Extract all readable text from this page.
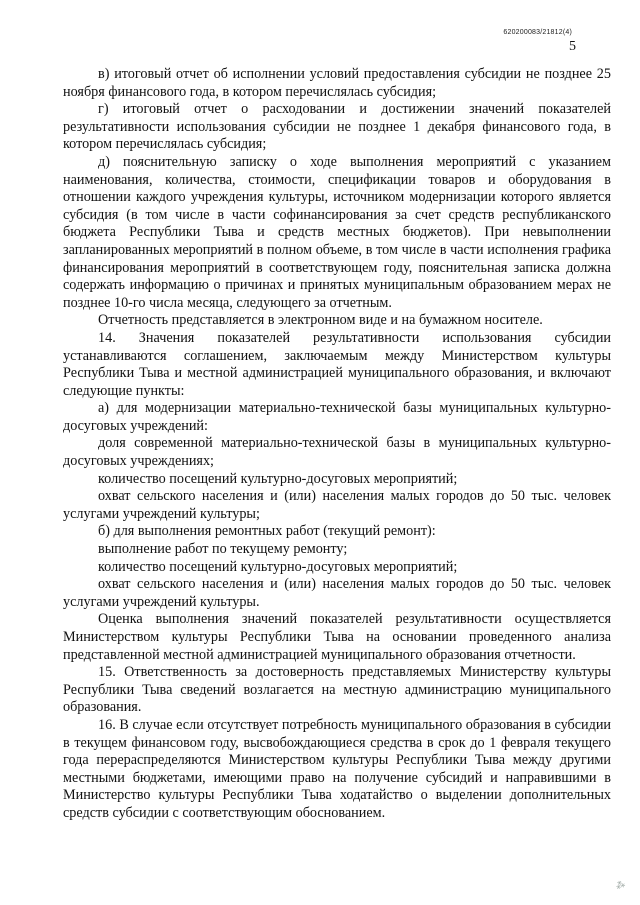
620200083/21812(4)
5

в) итоговый отчет об исполнении условий предоставления субсидии не позднее 25 ноября финансового года, в котором перечислялась субсидия;

г) итоговый отчет о расходовании и достижении значений показателей результативности использования субсидии не позднее 1 декабря финансового года, в котором перечислялась субсидия;

д) пояснительную записку о ходе выполнения мероприятий с указанием наименования, количества, стоимости, спецификации товаров и оборудования в отношении каждого учреждения культуры, источником модернизации которого является субсидия (в том числе в части софинансирования за счет средств республиканского бюджета Республики Тыва и средств местных бюджетов). При невыполнении запланированных мероприятий в полном объеме, в том числе в части исполнения графика финансирования мероприятий в соответствующем году, пояснительная записка должна содержать информацию о причинах и принятых муниципальным образованием мерах не позднее 10-го числа месяца, следующего за отчетным.

Отчетность представляется в электронном виде и на бумажном носителе.

14. Значения показателей результативности использования субсидии устанавливаются соглашением, заключаемым между Министерством культуры Республики Тыва и местной администрацией муниципального образования, и включают следующие пункты:

а) для модернизации материально-технической базы муниципальных культурно-досуговых учреждений:

доля современной материально-технической базы в муниципальных культурно-досуговых учреждениях;

количество посещений культурно-досуговых мероприятий;

охват сельского населения и (или) населения малых городов до 50 тыс. человек услугами учреждений культуры;

б) для выполнения ремонтных работ (текущий ремонт):

выполнение работ по текущему ремонту;

количество посещений культурно-досуговых мероприятий;

охват сельского населения и (или) населения малых городов до 50 тыс. человек услугами учреждений культуры.

Оценка выполнения значений показателей результативности осуществляется Министерством культуры Республики Тыва на основании проведенного анализа представленной местной администрацией муниципального образования отчетности.

15. Ответственность за достоверность представляемых Министерству культуры Республики Тыва сведений возлагается на местную администрацию муниципального образования.

16. В случае если отсутствует потребность муниципального образования в субсидии в текущем финансовом году, высвобождающиеся средства в срок до 1 февраля текущего года перераспределяются Министерством культуры Республики Тыва между другими местными бюджетами, имеющими право на получение субсидий и направившими в Министерство культуры Республики Тыва ходатайство о выделении дополнительных средств субсидии с соответствующим обоснованием.

⁂
